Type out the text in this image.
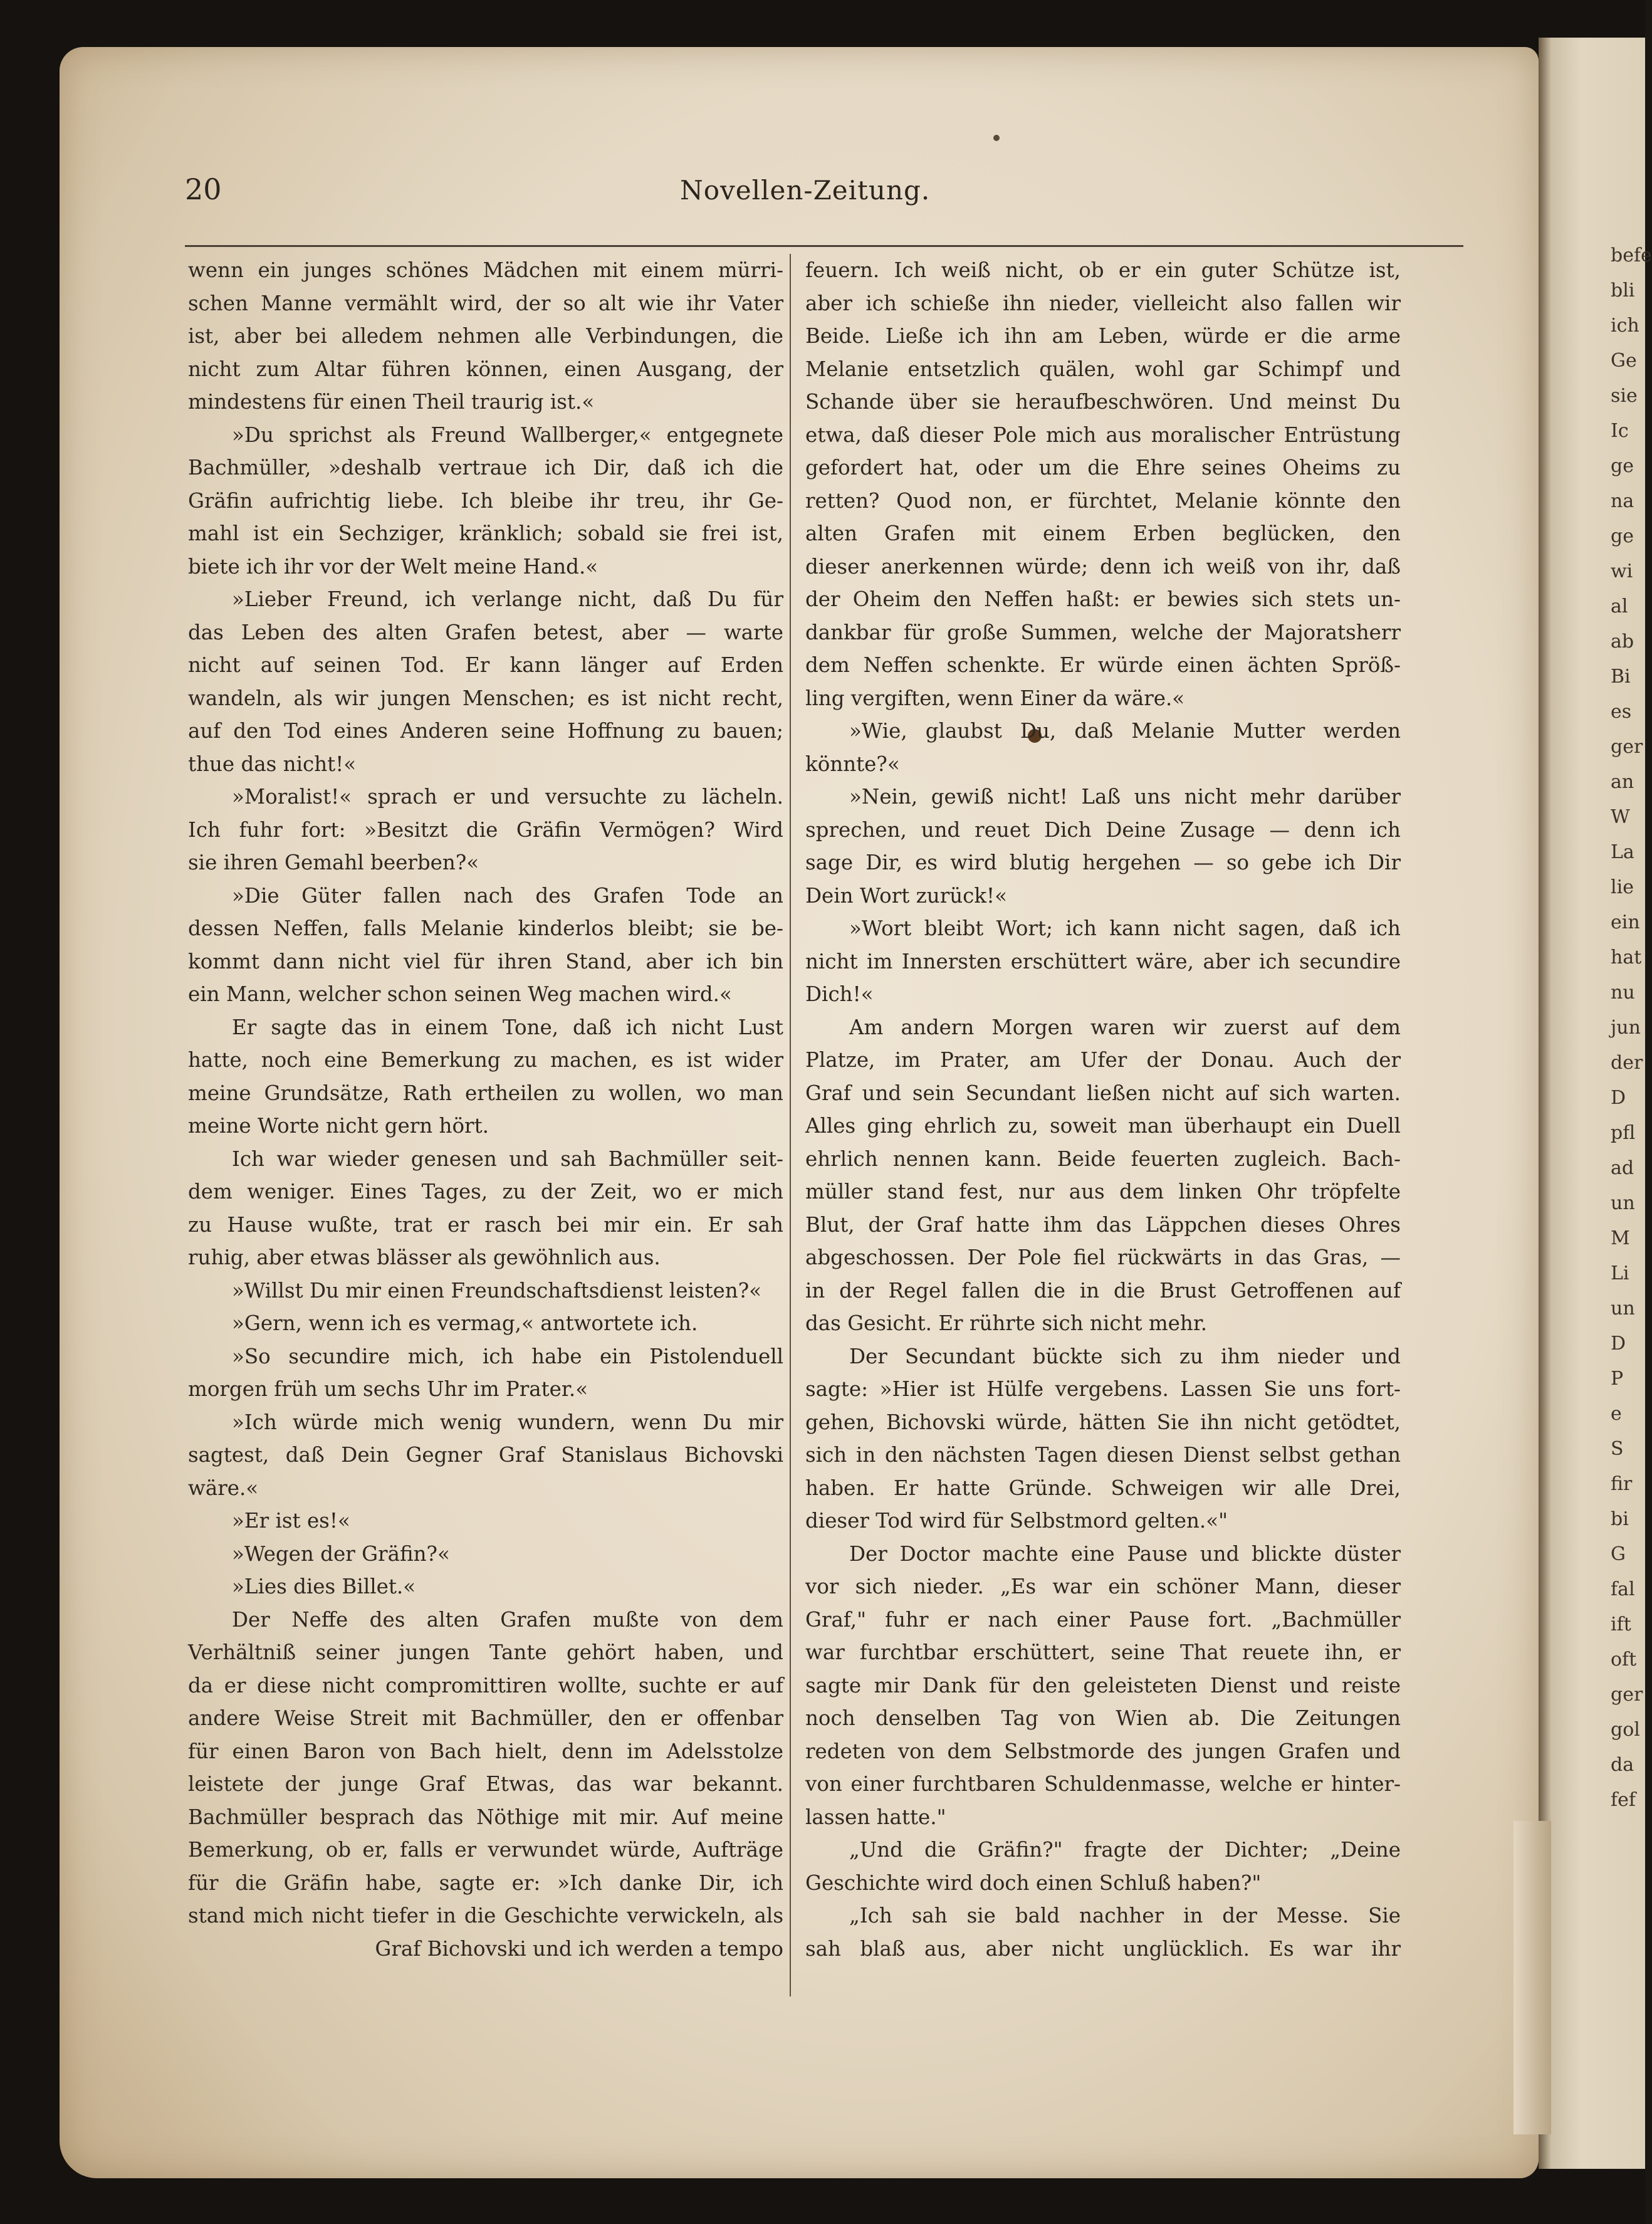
befe
bli
ich
Ge
sie
Ic
ge
na
ge
wi
al
ab
Bi
es
ger
an
W
La
lie
ein
hat
nu
jun
der
D
pfl
ad
un
M
Li
un
D
P
e
S
fir
bi
G
fal
ift
oft
ger
gol
da
fef
20	Novellen-Zeitung.

wenn ein junges schönes Mädchen mit einem mürri-

schen Manne vermählt wird, der so alt wie ihr Vater

ist, aber bei alledem nehmen alle Verbindungen, die

nicht zum Altar führen können, einen Ausgang, der

mindestens für einen Theil traurig ist.«

»Du sprichst als Freund Wallberger,« entgegnete

Bachmüller, »deshalb vertraue ich Dir, daß ich die

Gräfin aufrichtig liebe. Ich bleibe ihr treu, ihr Ge-

mahl ist ein Sechziger, kränklich; sobald sie frei ist,

biete ich ihr vor der Welt meine Hand.«

»Lieber Freund, ich verlange nicht, daß Du für

das Leben des alten Grafen betest, aber — warte

nicht auf seinen Tod. Er kann länger auf Erden

wandeln, als wir jungen Menschen; es ist nicht recht,

auf den Tod eines Anderen seine Hoffnung zu bauen;

thue das nicht!«

»Moralist!« sprach er und versuchte zu lächeln.

Ich fuhr fort: »Besitzt die Gräfin Vermögen? Wird

sie ihren Gemahl beerben?«

»Die Güter fallen nach des Grafen Tode an

dessen Neffen, falls Melanie kinderlos bleibt; sie be-

kommt dann nicht viel für ihren Stand, aber ich bin

ein Mann, welcher schon seinen Weg machen wird.«

Er sagte das in einem Tone, daß ich nicht Lust

hatte, noch eine Bemerkung zu machen, es ist wider

meine Grundsätze, Rath ertheilen zu wollen, wo man

meine Worte nicht gern hört.

Ich war wieder genesen und sah Bachmüller seit-

dem weniger. Eines Tages, zu der Zeit, wo er mich

zu Hause wußte, trat er rasch bei mir ein. Er sah

ruhig, aber etwas blässer als gewöhnlich aus.

»Willst Du mir einen Freundschaftsdienst leisten?«

»Gern, wenn ich es vermag,« antwortete ich.

»So secundire mich, ich habe ein Pistolenduell

morgen früh um sechs Uhr im Prater.«

»Ich würde mich wenig wundern, wenn Du mir

sagtest, daß Dein Gegner Graf Stanislaus Bichovski

wäre.«

»Er ist es!«

»Wegen der Gräfin?«

»Lies dies Billet.«

Der Neffe des alten Grafen mußte von dem

Verhältniß seiner jungen Tante gehört haben, und

da er diese nicht compromittiren wollte, suchte er auf

andere Weise Streit mit Bachmüller, den er offenbar

für einen Baron von Bach hielt, denn im Adelsstolze

leistete der junge Graf Etwas, das war bekannt.

Bachmüller besprach das Nöthige mit mir. Auf meine

Bemerkung, ob er, falls er verwundet würde, Aufträge

für die Gräfin habe, sagte er: »Ich danke Dir, ich

stand mich nicht tiefer in die Geschichte verwickeln, als

Graf Bichovski und ich werden a tempo

feuern. Ich weiß nicht, ob er ein guter Schütze ist,

aber ich schieße ihn nieder, vielleicht also fallen wir

Beide. Ließe ich ihn am Leben, würde er die arme

Melanie entsetzlich quälen, wohl gar Schimpf und

Schande über sie heraufbeschwören. Und meinst Du

etwa, daß dieser Pole mich aus moralischer Entrüstung

gefordert hat, oder um die Ehre seines Oheims zu

retten? Quod non, er fürchtet, Melanie könnte den

alten Grafen mit einem Erben beglücken, den

dieser anerkennen würde; denn ich weiß von ihr, daß

der Oheim den Neffen haßt: er bewies sich stets un-

dankbar für große Summen, welche der Majoratsherr

dem Neffen schenkte. Er würde einen ächten Spröß-

ling vergiften, wenn Einer da wäre.«

»Wie, glaubst Du, daß Melanie Mutter werden

könnte?«

»Nein, gewiß nicht! Laß uns nicht mehr darüber

sprechen, und reuet Dich Deine Zusage — denn ich

sage Dir, es wird blutig hergehen — so gebe ich Dir

Dein Wort zurück!«

»Wort bleibt Wort; ich kann nicht sagen, daß ich

nicht im Innersten erschüttert wäre, aber ich secundire

Dich!«

Am andern Morgen waren wir zuerst auf dem

Platze, im Prater, am Ufer der Donau. Auch der

Graf und sein Secundant ließen nicht auf sich warten.

Alles ging ehrlich zu, soweit man überhaupt ein Duell

ehrlich nennen kann. Beide feuerten zugleich. Bach-

müller stand fest, nur aus dem linken Ohr tröpfelte

Blut, der Graf hatte ihm das Läppchen dieses Ohres

abgeschossen. Der Pole fiel rückwärts in das Gras, —

in der Regel fallen die in die Brust Getroffenen auf

das Gesicht. Er rührte sich nicht mehr.

Der Secundant bückte sich zu ihm nieder und

sagte: »Hier ist Hülfe vergebens. Lassen Sie uns fort-

gehen, Bichovski würde, hätten Sie ihn nicht getödtet,

sich in den nächsten Tagen diesen Dienst selbst gethan

haben. Er hatte Gründe. Schweigen wir alle Drei,

dieser Tod wird für Selbstmord gelten.«"

Der Doctor machte eine Pause und blickte düster

vor sich nieder. „Es war ein schöner Mann, dieser

Graf," fuhr er nach einer Pause fort. „Bachmüller

war furchtbar erschüttert, seine That reuete ihn, er

sagte mir Dank für den geleisteten Dienst und reiste

noch denselben Tag von Wien ab. Die Zeitungen

redeten von dem Selbstmorde des jungen Grafen und

von einer furchtbaren Schuldenmasse, welche er hinter-

lassen hatte."

„Und die Gräfin?" fragte der Dichter; „Deine

Geschichte wird doch einen Schluß haben?"

„Ich sah sie bald nachher in der Messe. Sie

sah blaß aus, aber nicht unglücklich. Es war ihr
